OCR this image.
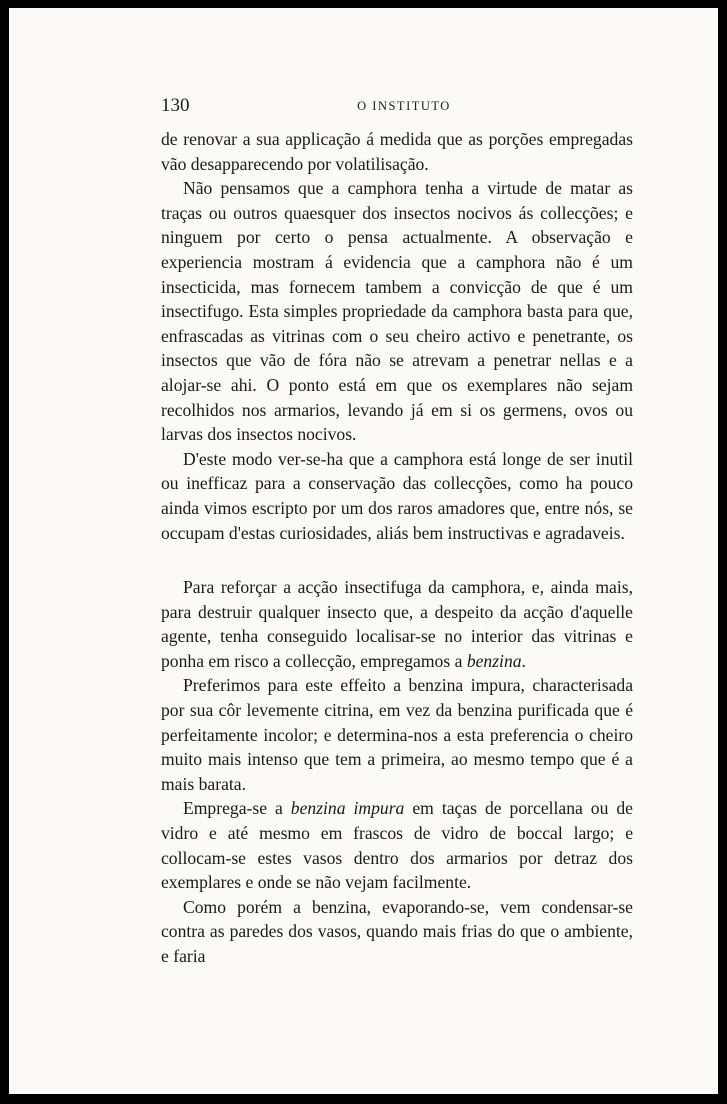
130	O INSTITUTO

de renovar a sua applicação á medida que as porções empregadas vão desapparecendo por volatilisação.

Não pensamos que a camphora tenha a virtude de matar as traças ou outros quaesquer dos insectos nocivos ás collecções; e ninguem por certo o pensa actualmente. A observação e experiencia mostram á evidencia que a camphora não é um insecticida, mas fornecem tambem a convicção de que é um insectifugo. Esta simples propriedade da camphora basta para que, enfrascadas as vitrinas com o seu cheiro activo e penetrante, os insectos que vão de fóra não se atrevam a penetrar nellas e a alojar-se ahi. O ponto está em que os exemplares não sejam recolhidos nos armarios, levando já em si os germens, ovos ou larvas dos insectos nocivos.

D'este modo ver-se-ha que a camphora está longe de ser inutil ou inefficaz para a conservação das collecções, como ha pouco ainda vimos escripto por um dos raros amadores que, entre nós, se occupam d'estas curiosidades, aliás bem instructivas e agradaveis.

Para reforçar a acção insectifuga da camphora, e, ainda mais, para destruir qualquer insecto que, a despeito da acção d'aquelle agente, tenha conseguido localisar-se no interior das vitrinas e ponha em risco a collecção, empregamos a benzina.

Preferimos para este effeito a benzina impura, characterisada por sua côr levemente citrina, em vez da benzina purificada que é perfeitamente incolor; e determina-nos a esta preferencia o cheiro muito mais intenso que tem a primeira, ao mesmo tempo que é a mais barata.

Emprega-se a benzina impura em taças de porcellana ou de vidro e até mesmo em frascos de vidro de boccal largo; e collocam-se estes vasos dentro dos armarios por detraz dos exemplares e onde se não vejam facilmente.

Como porém a benzina, evaporando-se, vem condensar-se contra as paredes dos vasos, quando mais frias do que o ambiente, e faria
